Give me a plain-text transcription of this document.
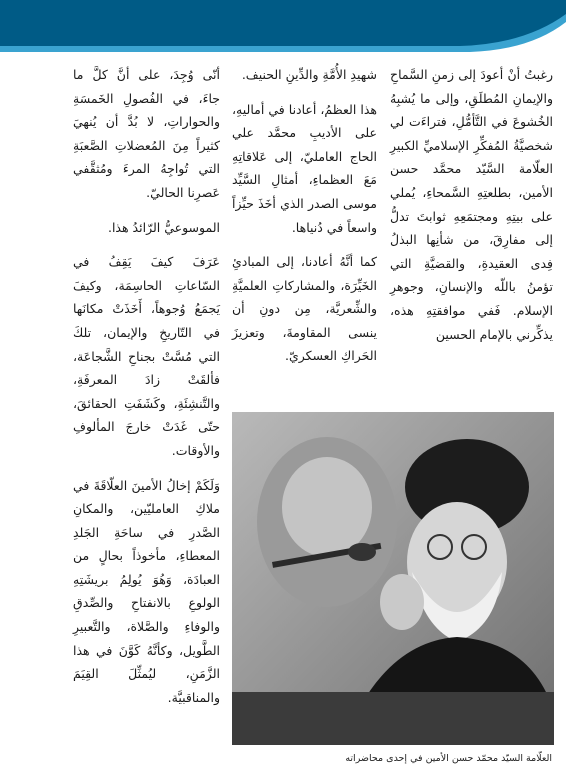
رغبتُ أنْ أعودَ إلى زمنِ السَّماحِ والإيمانِ المُطلَقِ، وإلى ما يُشبِهُ الخُشوعَ في التَّأمُّلِ، فتراءَت لي شخصيَّةُ المُفكِّرِ الإسلاميِّ الكبيرِ العلّامة السَّيّد محمَّد حسن الأمين، بطلعتِهِ السَّمحاءِ، يُملي على بيتِهِ ومجتمَعِهِ ثوابتَ تدلُّ إلى مفارِقَ، من شأنِها البذلُ فِدى العقيدةِ، والقضيَّةِ التي تؤمنُ باللّه والإنسانِ، وجوهرِ الإسلام. فَفي موافقتِهِ هذه، يذكِّرني بالإمام الحسين

شهيدِ الأُمَّةِ والدِّينِ الحنيف.

هذا العظمُ، أعادنا في أماليهِ، على الأديبِ محمَّد علي الحاج العامليّ، إلى عَلاقاتِهِ مَعَ العظماءِ، أمثالِ السَّيِّد موسى الصدر الذي أخَذَ حيِّزاً واسعاً في دُنياها.

كما أنَّهُ أعادنا، إلى المبادئِ الخَيِّرَة، والمشاركاتِ العلميَّةِ والشِّعريَّة، مِن دونِ أن ينسى المقاومةَ، وتعزيزَ الحَراكِ العسكريّ.

أنّى وُجِدَ، على أنَّ كلَّ ما جاءَ، في الفُصولِ الخَمسَةِ والحواراتِ، لا بُدَّ أن يُنهيَ كثيراً مِنَ المُعضلاتِ الصَّعبَةِ التي تُواجِهُ المرءَ ومُثقَّفي عَصرِنا الحاليّ.

الموسوعيُّ الرّائدُ هذا.

عَرَفَ كيفَ يَقِفُ في السّاعاتِ الحاسِمَة، وكيفَ يَجمَعُ وُجوهاً، أَخَذَتْ مكانَها في التّاريخِ والإيمان، تلكَ التي مُسَّتْ بجناحِ الشَّجاعَة، فألقَتْ زادَ المعرفَةِ، والتَّنشِئَةِ، وكَشَفَتِ الحقائقَ، حتّى غَدَتْ خارجَ المألوفِ والأوقات.

وَلَكَمْ إخالُ الأمينَ العلّاقَةَ في ملاكِ العامليّين، والمكانِ الصَّدرِ في ساحَةِ الجَلدِ المعطاءِ، مأخوذاً بحالٍ من العبادَة، وَهُوَ يُولِمُ بريشَتِهِ الولوعِ بالانفتاحِ والصِّدقِ والوفاءِ والصَّلاة، والتَّعبيرِ الطَّويل، وكأنَّهُ كَوَّنَ في هذا الزَّمَنِ، ليُمثِّلَ القِيَمَ والمناقبيَّة.

العلّامة السيّد محمّد حسن الأمين في إحدى محاضراته
